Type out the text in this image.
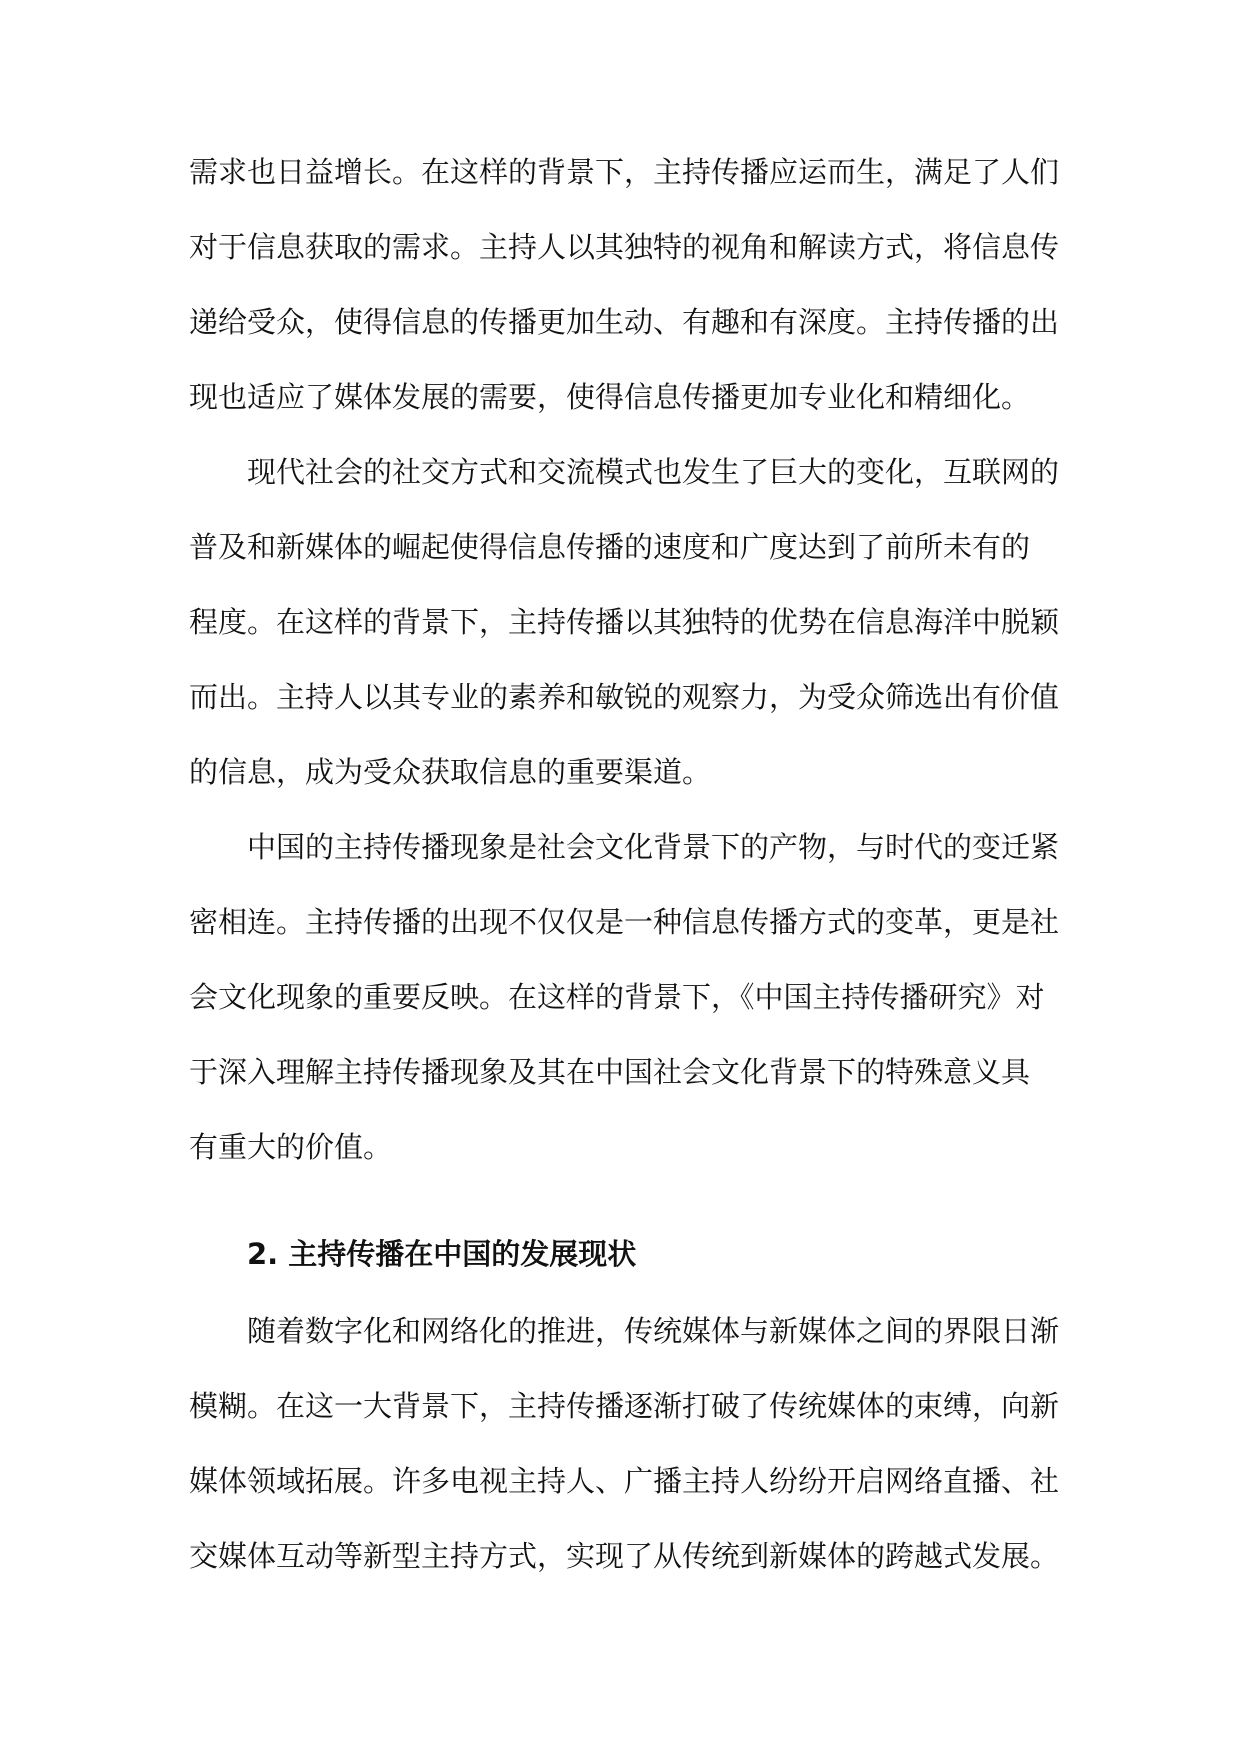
需求也日益增长。在这样的背景下，主持传播应运而生，满足了人们
对于信息获取的需求。主持人以其独特的视角和解读方式，将信息传
递给受众，使得信息的传播更加生动、有趣和有深度。主持传播的出
现也适应了媒体发展的需要，使得信息传播更加专业化和精细化。
现代社会的社交方式和交流模式也发生了巨大的变化，互联网的
普及和新媒体的崛起使得信息传播的速度和广度达到了前所未有的
程度。在这样的背景下，主持传播以其独特的优势在信息海洋中脱颖
而出。主持人以其专业的素养和敏锐的观察力，为受众筛选出有价值
的信息，成为受众获取信息的重要渠道。
中国的主持传播现象是社会文化背景下的产物，与时代的变迁紧
密相连。主持传播的出现不仅仅是一种信息传播方式的变革，更是社
会文化现象的重要反映。在这样的背景下，《中国主持传播研究》对
于深入理解主持传播现象及其在中国社会文化背景下的特殊意义具
有重大的价值。
2. 主持传播在中国的发展现状
随着数字化和网络化的推进，传统媒体与新媒体之间的界限日渐
模糊。在这一大背景下，主持传播逐渐打破了传统媒体的束缚，向新
媒体领域拓展。许多电视主持人、广播主持人纷纷开启网络直播、社
交媒体互动等新型主持方式，实现了从传统到新媒体的跨越式发展。
